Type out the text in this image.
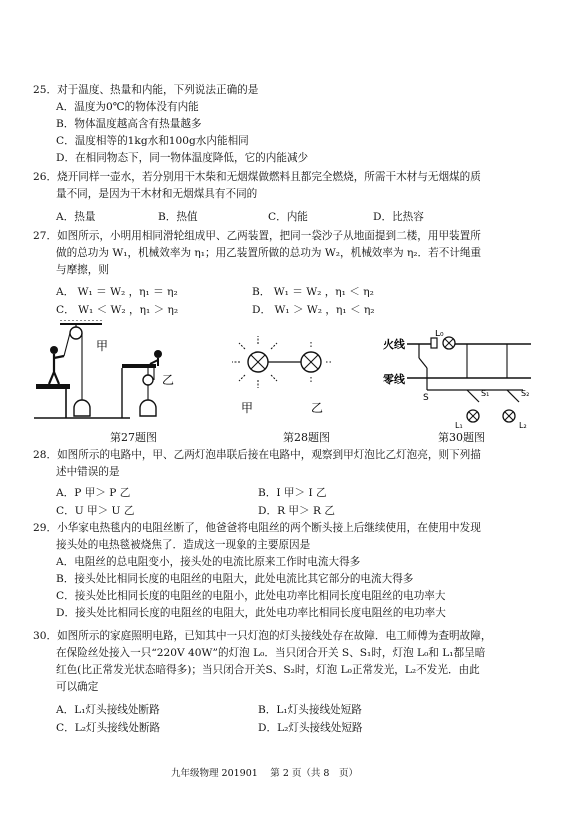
25．对于温度、热量和内能，下列说法正确的是
A．温度为0℃的物体没有内能
B．物体温度越高含有热量越多
C．温度相等的1kg水和100g水内能相同
D．在相同物态下，同一物体温度降低，它的内能减少
26．烧开同样一壶水，若分别用干木柴和无烟煤做燃料且都完全燃烧，所需干木材与无烟煤的质
量不同，是因为干木材和无烟煤具有不同的
A．热量	B．热值	C．内能	D．比热容
27．如图所示，小明用相同滑轮组成甲、乙两装置，把同一袋沙子从地面提到二楼，用甲装置所
做的总功为 W₁，机械效率为 η₁；用乙装置所做的总功为 W₂，机械效率为 η₂．若不计绳重
与摩擦，则
A． W₁ ＝ W₂ ，η₁ ＝ η₂	B． W₁ ＝ W₂ ，η₁ ＜ η₂
C． W₁ ＜ W₂ ，η₁ ＞ η₂	D． W₁ ＞ W₂ ，η₁ ＜ η₂
甲
乙
甲	乙
火线
零线
L₀
S	S₁
L₁
S₂
L₂
第27题图	第28题图	第30题图
28．如图所示的电路中，甲、乙两灯泡串联后接在电路中，观察到甲灯泡比乙灯泡亮，则下列描
述中错误的是
A．P 甲＞ P 乙	B．I 甲＞ I 乙
C．U 甲＞ U 乙	D．R 甲＞ R 乙
29．小华家电热毯内的电阻丝断了，他爸爸将电阻丝的两个断头接上后继续使用，在使用中发现
接头处的电热毯被烧焦了．造成这一现象的主要原因是
A．电阻丝的总电阻变小，接头处的电流比原来工作时电流大得多
B．接头处比相同长度的电阻丝的电阻大，此处电流比其它部分的电流大得多
C．接头处比相同长度的电阻丝的电阻小，此处电功率比相同长度电阻丝的电功率大
D．接头处比相同长度的电阻丝的电阻大，此处电功率比相同长度电阻丝的电功率大
30．如图所示的家庭照明电路，已知其中一只灯泡的灯头接线处存在故障．电工师傅为查明故障，
在保险丝处接入一只“220V 40W”的灯泡 L₀．当只闭合开关 S、S₁时，灯泡 L₀和 L₁都呈暗
红色(比正常发光状态暗得多)；当只闭合开关S、S₂时，灯泡 L₀正常发光，L₂不发光．由此
可以确定
A．L₁灯头接线处断路	B．L₁灯头接线处短路
C．L₂灯头接线处断路	D．L₂灯头接线处短路
九年级物理 201901　 第 2 页（共 8　页）
